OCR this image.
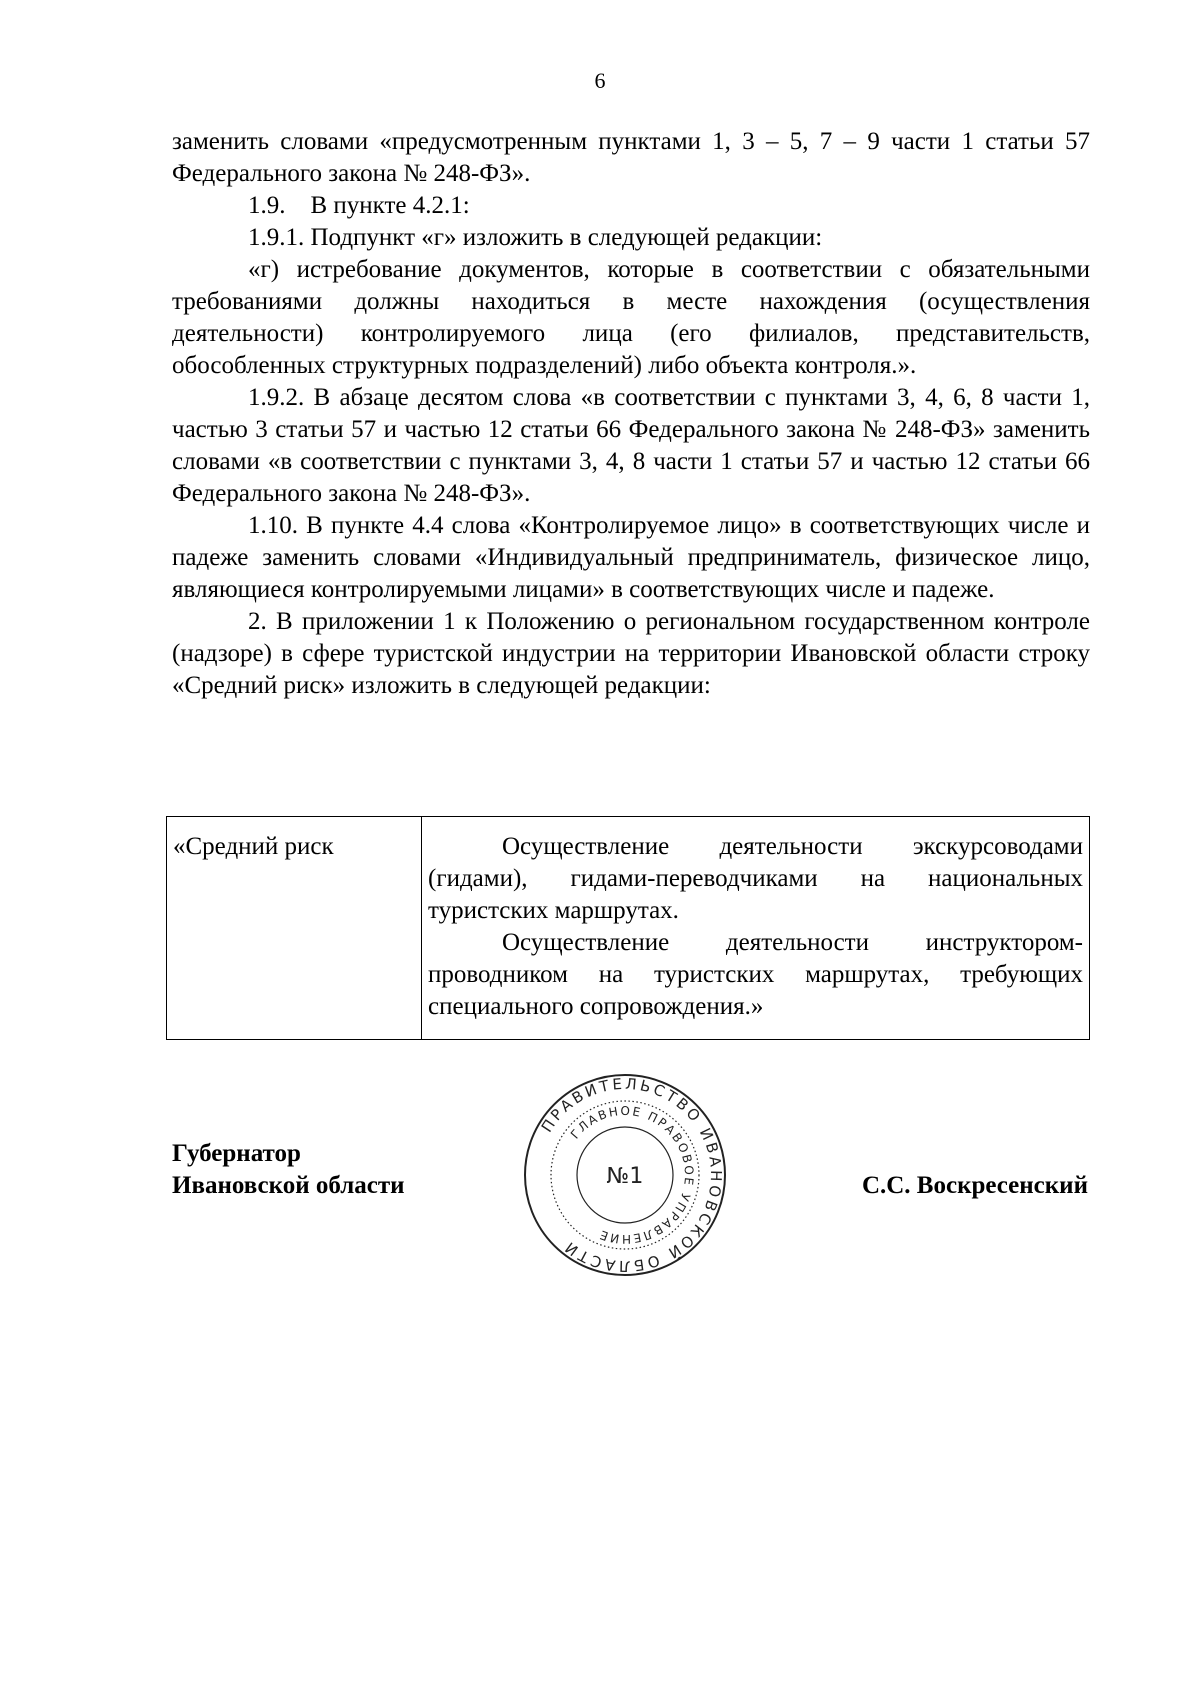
6

заменить словами «предусмотренным пунктами 1, 3 – 5, 7 – 9 части 1 статьи 57 Федерального закона № 248-ФЗ».

1.9.    В пункте 4.2.1:

1.9.1. Подпункт «г» изложить в следующей редакции:

«г) истребование документов, которые в соответствии с обязательными требованиями должны находиться в месте нахождения (осуществления деятельности) контролируемого лица (его филиалов, представительств, обособленных структурных подразделений) либо объекта контроля.».

1.9.2. В абзаце десятом слова «в соответствии с пунктами 3, 4, 6, 8 части 1, частью 3 статьи 57 и частью 12 статьи 66 Федерального закона № 248-ФЗ» заменить словами «в соответствии с пунктами 3, 4, 8 части 1 статьи 57 и частью 12 статьи 66 Федерального закона № 248-ФЗ».

1.10. В пункте 4.4 слова «Контролируемое лицо» в соответствующих числе и падеже заменить словами «Индивидуальный предприниматель, физическое лицо, являющиеся контролируемыми лицами» в соответствующих числе и падеже.

2. В приложении 1 к Положению о региональном государственном контроле (надзоре) в сфере туристской индустрии на территории Ивановской области строку «Средний риск» изложить в следующей редакции:

«Средний риск	Осуществление деятельности экскурсоводами (гидами), гидами-переводчиками на национальных туристских маршрутах.

Осуществление деятельности инструктором-проводником на туристских маршрутах, требующих специального сопровождения.»

Губернатор
Ивановской области	С.С. Воскресенский
ПРАВИТЕЛЬСТВО ИВАНОВСКОЙ ОБЛАСТИ
ГЛАВНОЕ ПРАВОВОЕ УПРАВЛЕНИЕ
№1
